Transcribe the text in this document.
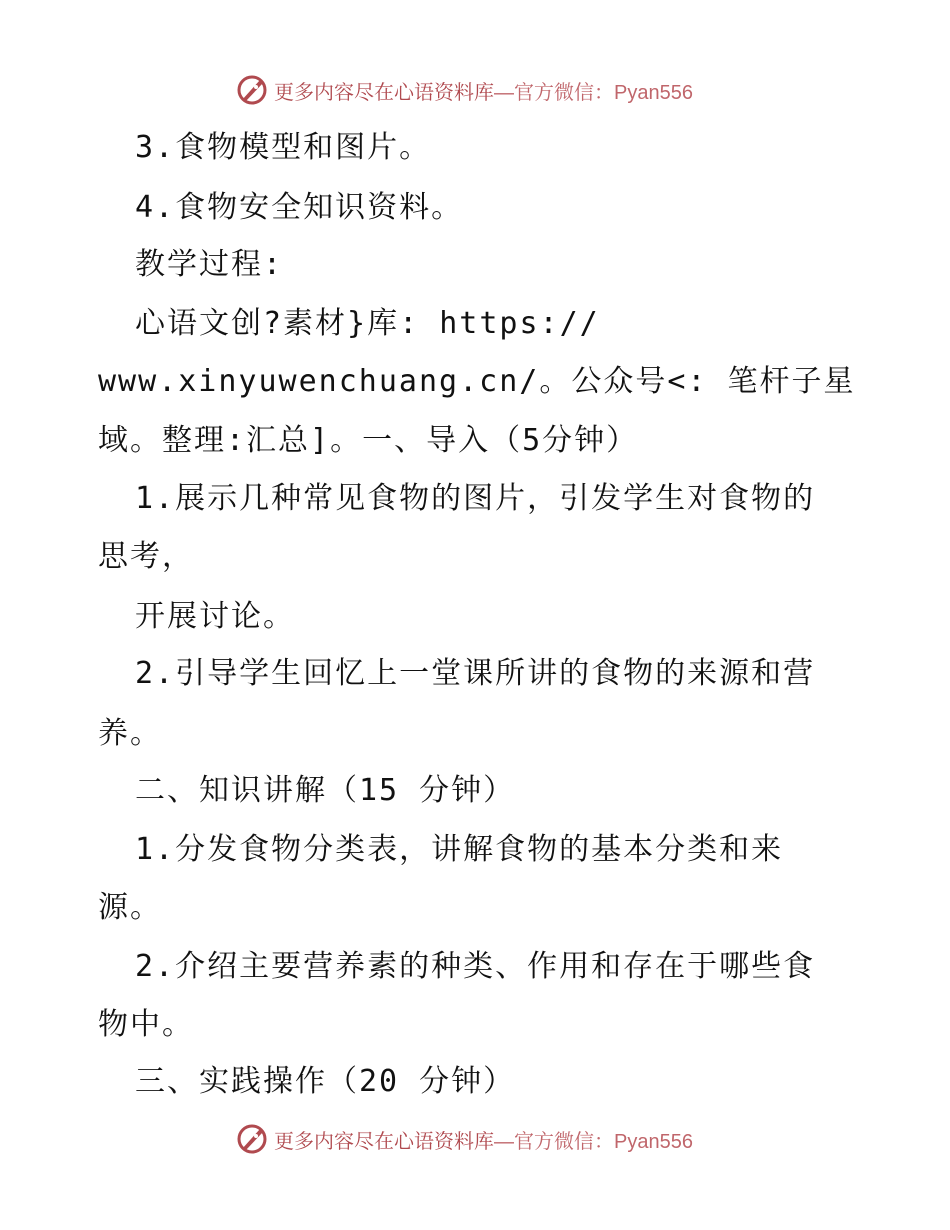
更多内容尽在心语资料库 —官方微信：Pyan556
3.食物模型和图片。
4.食物安全知识资料。
教学过程:
心语文创?素材}库: https://
www.xinyuwenchuang.cn/。公众号<: 笔杆子星
域。整理:汇总]。一、导入（5分钟）
1.展示几种常见食物的图片，引发学生对食物的
思考，
开展讨论。
2.引导学生回忆上一堂课所讲的食物的来源和营
养。
二、知识讲解（15 分钟）
1.分发食物分类表，讲解食物的基本分类和来
源。
2.介绍主要营养素的种类、作用和存在于哪些食
物中。
三、实践操作（20 分钟）
更多内容尽在心语资料库 —官方微信：Pyan556
